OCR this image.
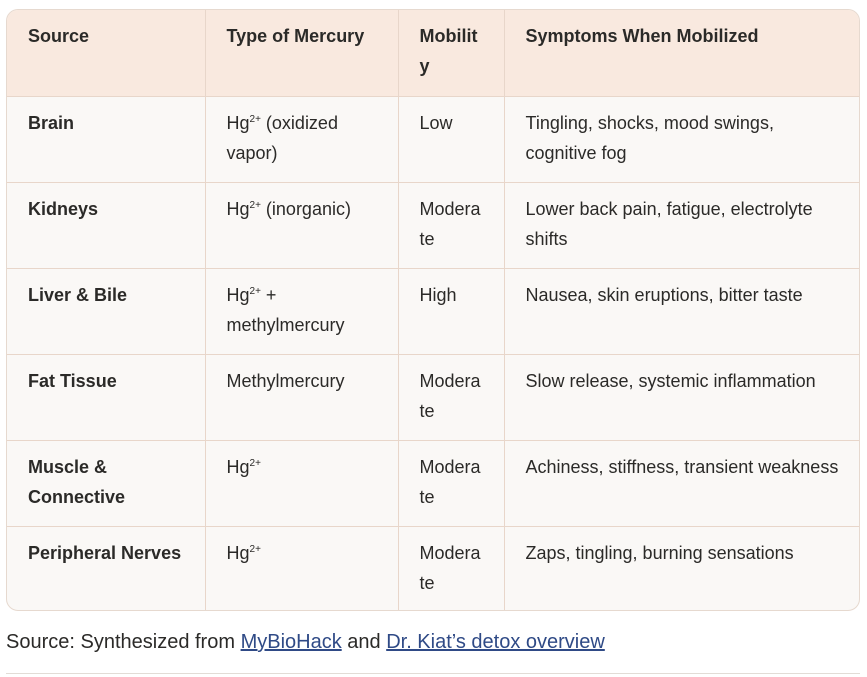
Source	Type of Mercury	Mobility	Symptoms When Mobilized
Brain	$Hg^{2+}$ (oxidized vapor)	Low	Tingling, shocks, mood swings, cognitive fog
Kidneys	$Hg^{2+}$ (inorganic)	Moderate	Lower back pain, fatigue, electrolyte shifts
Liver & Bile	$Hg^{2+}$ + methylmercury	High	Nausea, skin eruptions, bitter taste
Fat Tissue	Methylmercury	Moderate	Slow release, systemic inflammation
Muscle & Connective	$Hg^{2+}$	Moderate	Achiness, stiffness, transient weakness
Peripheral Nerves	$Hg^{2+}$	Moderate	Zaps, tingling, burning sensations
Source: Synthesized from MyBioHack and Dr. Kiat’s detox overview
